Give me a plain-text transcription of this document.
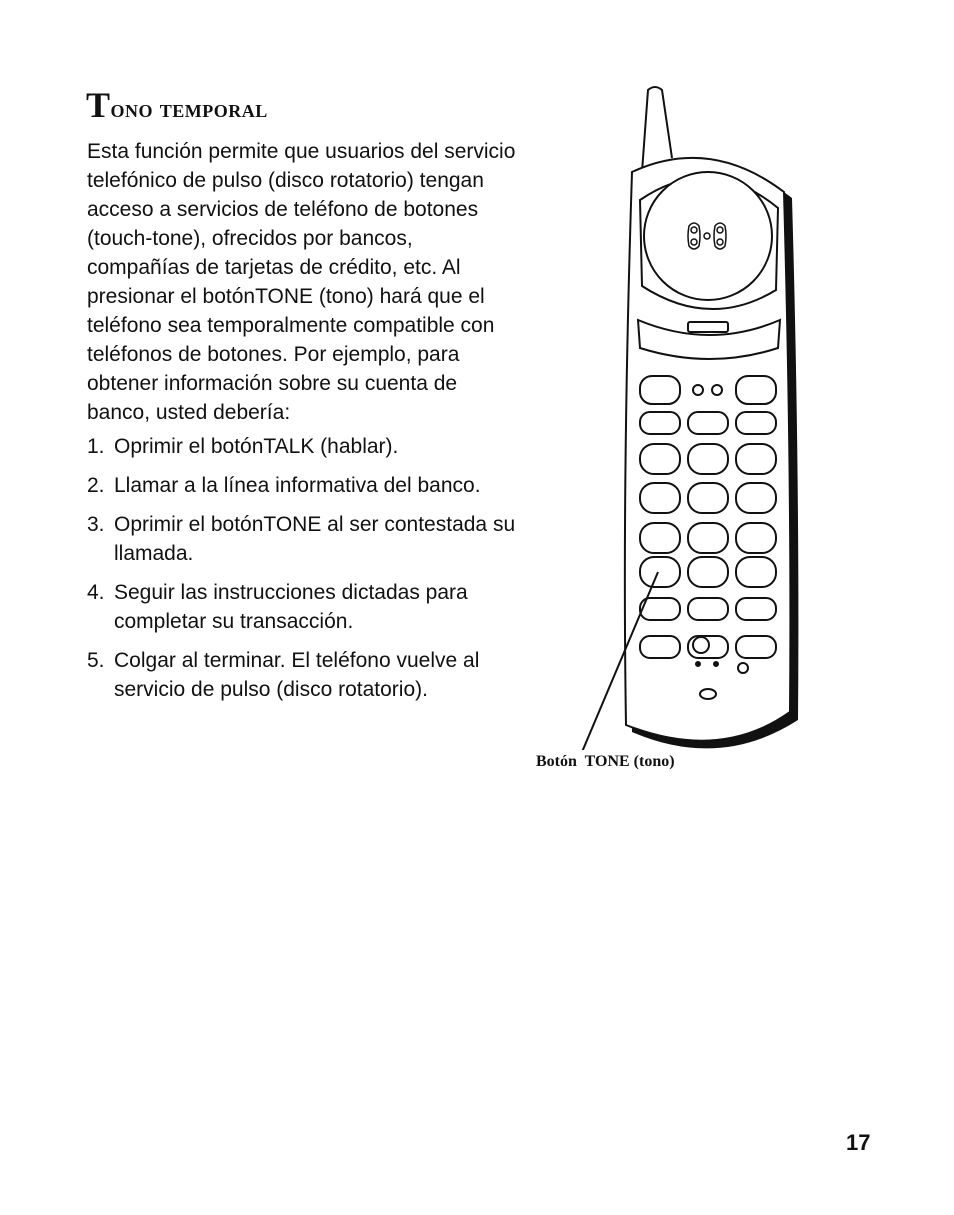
Tono temporal

Esta función permite que usuarios del servicio telefónico de pulso (disco rotatorio) tengan acceso a servicios de teléfono de botones (touch-tone), ofrecidos por bancos, compañías de tarjetas de crédito, etc. Al presionar el botónTONE (tono) hará que el teléfono sea temporalmente compatible con teléfonos de botones. Por ejemplo, para obtener información sobre su cuenta de banco, usted debería:

1. Oprimir el botónTALK (hablar).
2. Llamar a la línea informativa del banco.
3. Oprimir el botónTONE al ser contestada su llamada.
4. Seguir las instrucciones dictadas para completar su transacción.
5. Colgar al terminar. El teléfono vuelve al servicio de pulso (disco rotatorio).
Botón  TONE (tono)
17
